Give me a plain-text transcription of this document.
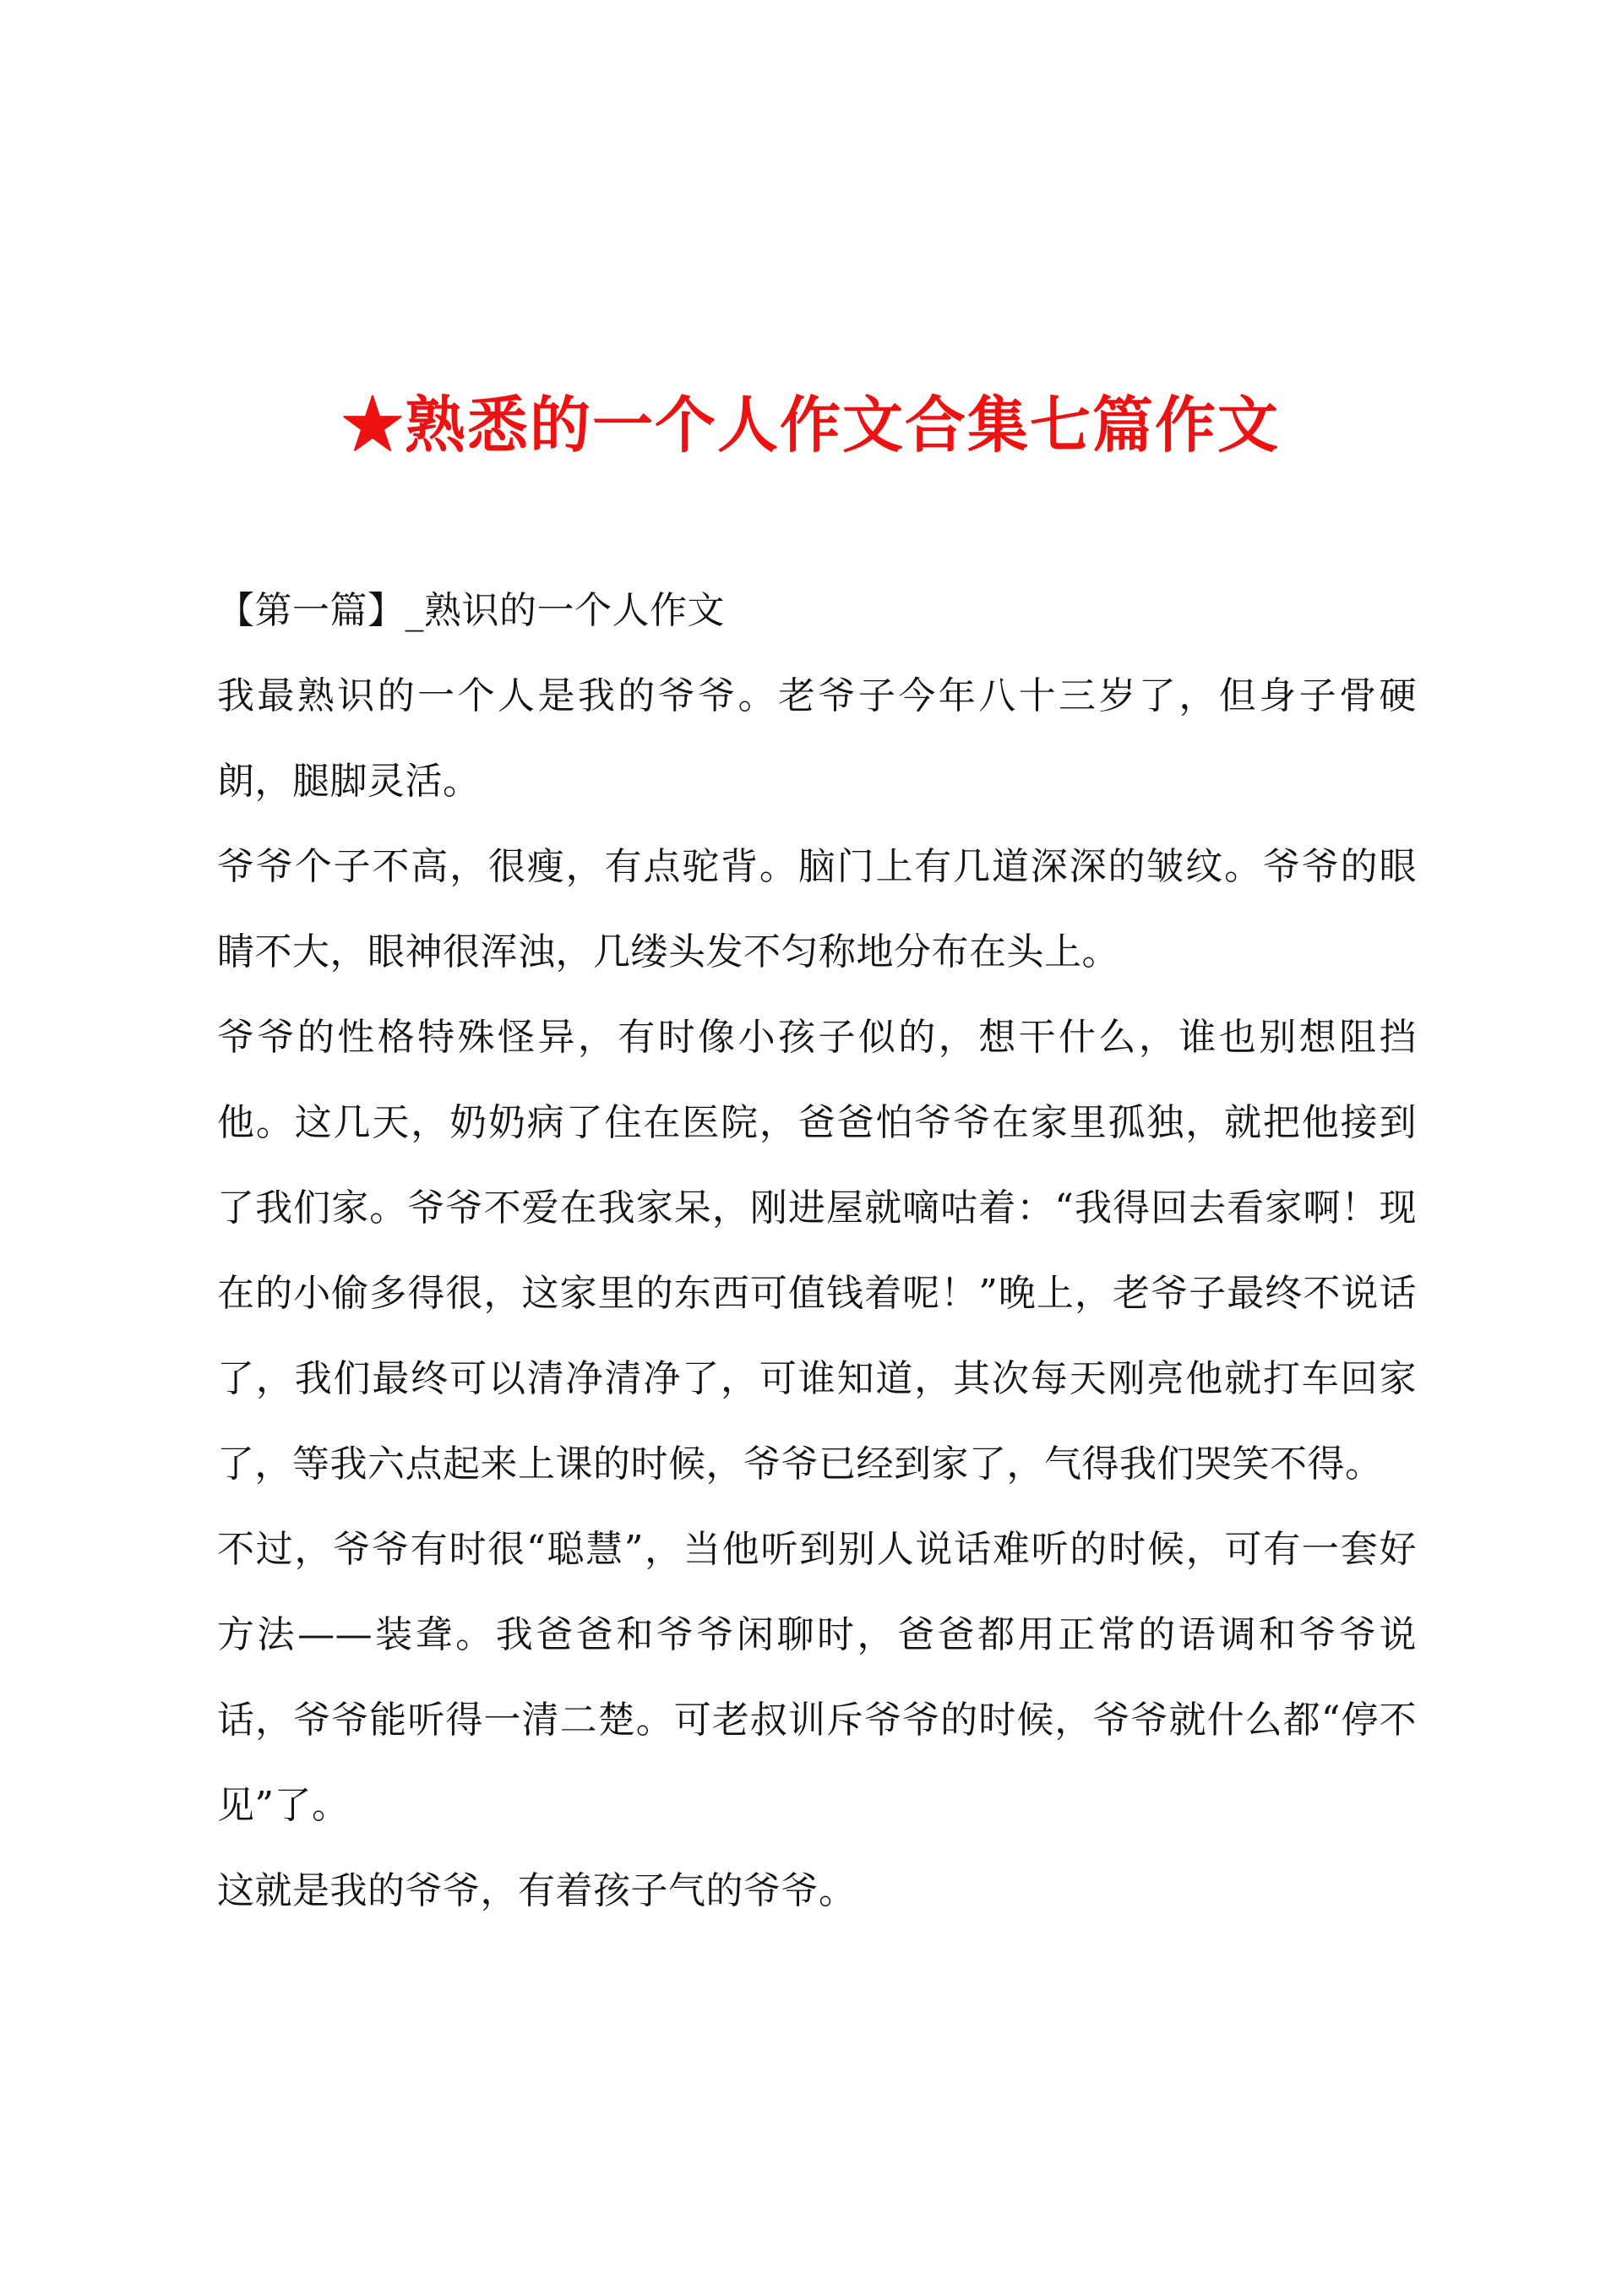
★熟悉的一个人作文合集七篇作文
【第一篇】_熟识的一个人作文

我最熟识的一个人是我的爷爷。老爷子今年八十三岁了，但身子骨硬朗，腿脚灵活。

爷爷个子不高，很瘦，有点驼背。脑门上有几道深深的皱纹。爷爷的眼睛不大，眼神很浑浊，几缕头发不匀称地分布在头上。

爷爷的性格特殊怪异，有时像小孩子似的，想干什么，谁也别想阻挡他。这几天，奶奶病了住在医院，爸爸怕爷爷在家里孤独，就把他接到了我们家。爷爷不爱在我家呆，刚进屋就嘀咕着：“我得回去看家啊！现在的小偷多得很，这家里的东西可值钱着呢！”晚上，老爷子最终不说话了，我们最终可以清净清净了，可谁知道，其次每天刚亮他就打车回家了，等我六点起来上课的时候，爷爷已经到家了，气得我们哭笑不得。

不过，爷爷有时很“聪慧”，当他听到别人说话难听的时候，可有一套好方法——装聋。我爸爸和爷爷闲聊时，爸爸都用正常的语调和爷爷说话，爷爷能听得一清二楚。可老叔训斥爷爷的时候，爷爷就什么都“停不见”了。

这就是我的爷爷，有着孩子气的爷爷。
